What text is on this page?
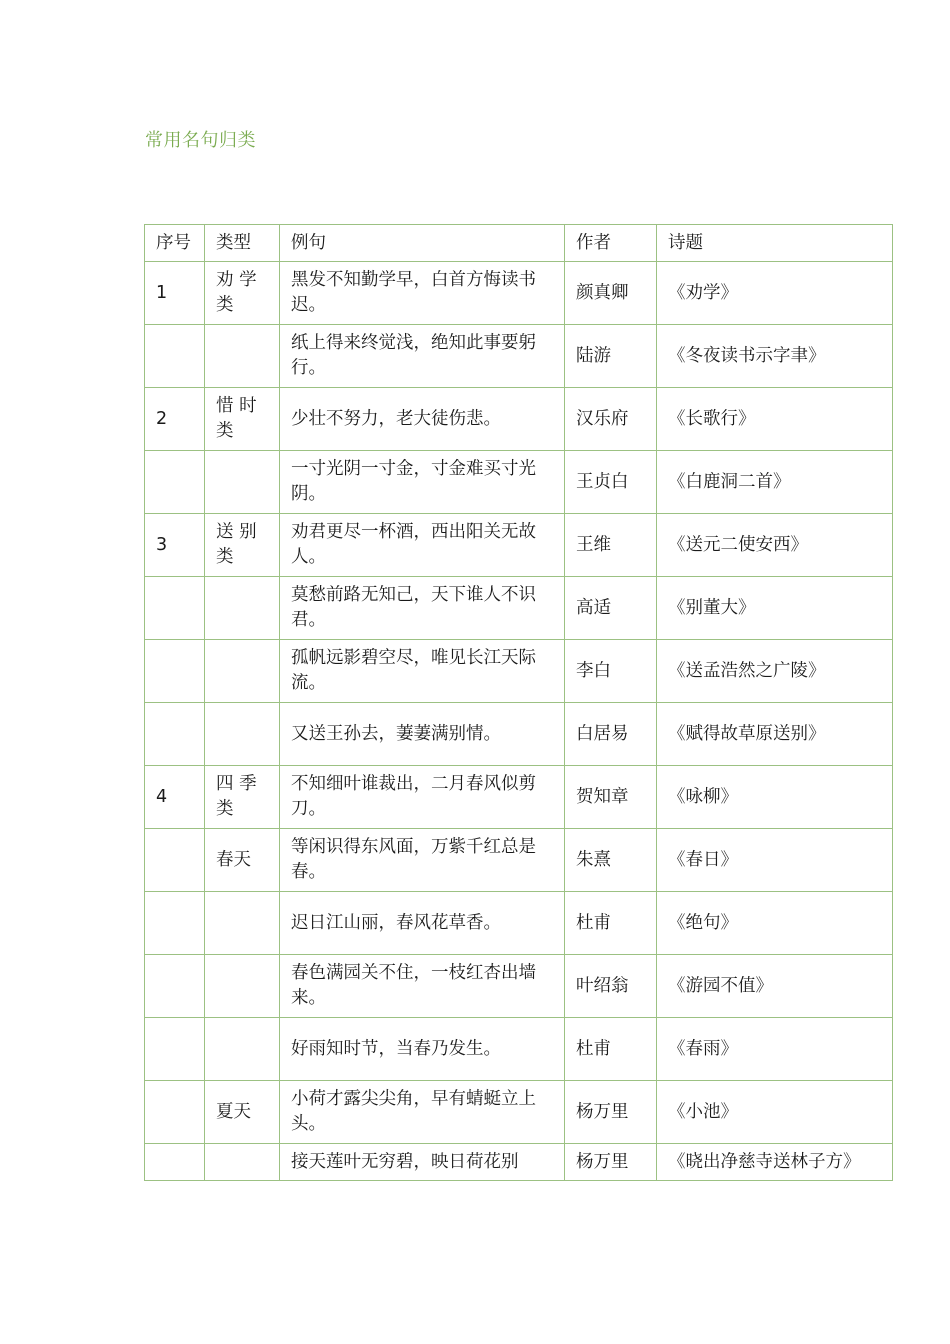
常用名句归类
序号	类型	例句	作者	诗题
1	劝 学 类	黑发不知勤学早，白首方悔读书迟。	颜真卿	《劝学》
		纸上得来终觉浅，绝知此事要躬行。	陆游	《冬夜读书示字聿》
2	惜 时 类	少壮不努力，老大徒伤悲。	汉乐府	《长歌行》
		一寸光阴一寸金，寸金难买寸光阴。	王贞白	《白鹿洞二首》
3	送 别 类	劝君更尽一杯酒，西出阳关无故人。	王维	《送元二使安西》
		莫愁前路无知己，天下谁人不识君。	高适	《别董大》
		孤帆远影碧空尽，唯见长江天际流。	李白	《送孟浩然之广陵》
		又送王孙去，萋萋满别情。	白居易	《赋得故草原送别》
4	四 季 类	不知细叶谁裁出，二月春风似剪刀。	贺知章	《咏柳》
	春天	等闲识得东风面，万紫千红总是春。	朱熹	《春日》
		迟日江山丽，春风花草香。	杜甫	《绝句》
		春色满园关不住，一枝红杏出墙来。	叶绍翁	《游园不值》
		好雨知时节，当春乃发生。	杜甫	《春雨》
	夏天	小荷才露尖尖角，早有蜻蜓立上头。	杨万里	《小池》
		接天莲叶无穷碧，映日荷花别	杨万里	《晓出净慈寺送林子方》
